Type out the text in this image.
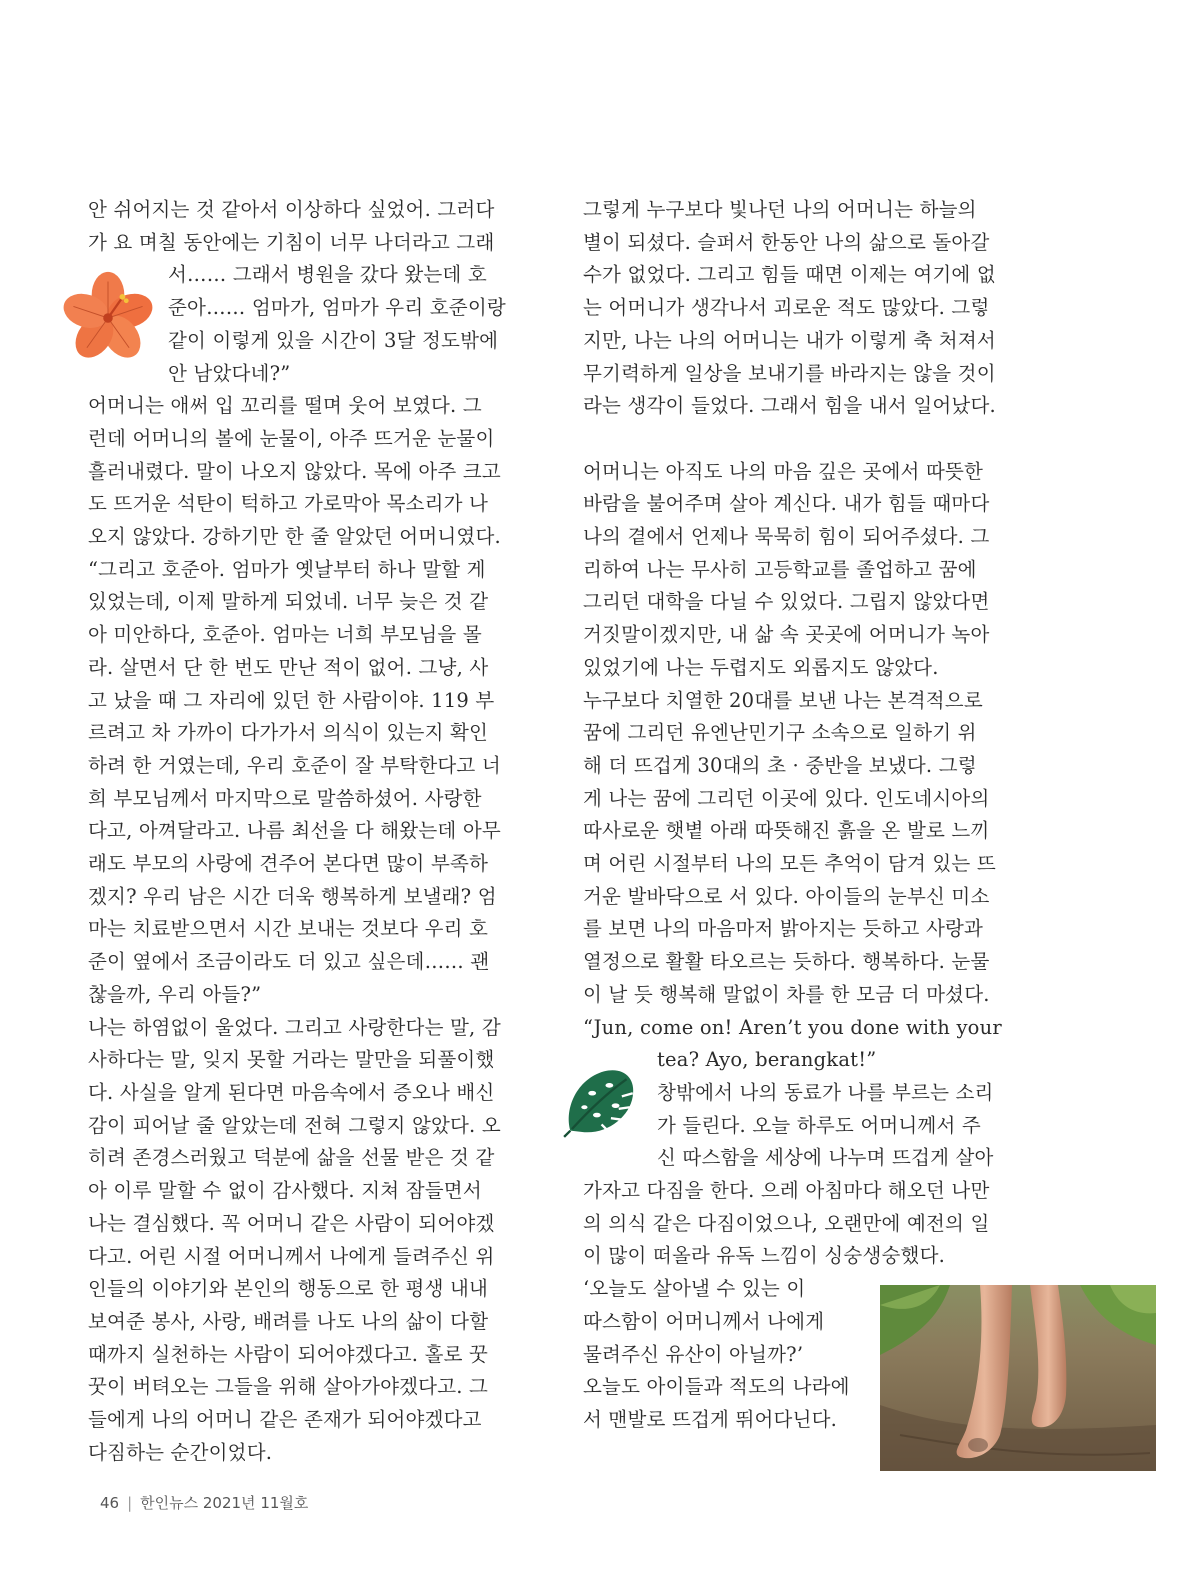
안 쉬어지는 것 같아서 이상하다 싶었어. 그러다
가 요 며칠 동안에는 기침이 너무 나더라고 그래
서…… 그래서 병원을 갔다 왔는데 호
준아…… 엄마가, 엄마가 우리 호준이랑
같이 이렇게 있을 시간이 3달 정도밖에
안 남았다네?”
어머니는 애써 입 꼬리를 떨며 웃어 보였다. 그
런데 어머니의 볼에 눈물이, 아주 뜨거운 눈물이
흘러내렸다. 말이 나오지 않았다. 목에 아주 크고
도 뜨거운 석탄이 턱하고 가로막아 목소리가 나
오지 않았다. 강하기만 한 줄 알았던 어머니였다.
“그리고 호준아. 엄마가 옛날부터 하나 말할 게
있었는데, 이제 말하게 되었네. 너무 늦은 것 같
아 미안하다, 호준아. 엄마는 너희 부모님을 몰
라. 살면서 단 한 번도 만난 적이 없어. 그냥, 사
고 났을 때 그 자리에 있던 한 사람이야. 119 부
르려고 차 가까이 다가가서 의식이 있는지 확인
하려 한 거였는데, 우리 호준이 잘 부탁한다고 너
희 부모님께서 마지막으로 말씀하셨어. 사랑한
다고, 아껴달라고. 나름 최선을 다 해왔는데 아무
래도 부모의 사랑에 견주어 본다면 많이 부족하
겠지? 우리 남은 시간 더욱 행복하게 보낼래? 엄
마는 치료받으면서 시간 보내는 것보다 우리 호
준이 옆에서 조금이라도 더 있고 싶은데…… 괜
찮을까, 우리 아들?”
나는 하염없이 울었다. 그리고 사랑한다는 말, 감
사하다는 말, 잊지 못할 거라는 말만을 되풀이했
다. 사실을 알게 된다면 마음속에서 증오나 배신
감이 피어날 줄 알았는데 전혀 그렇지 않았다. 오
히려 존경스러웠고 덕분에 삶을 선물 받은 것 같
아 이루 말할 수 없이 감사했다. 지쳐 잠들면서
나는 결심했다. 꼭 어머니 같은 사람이 되어야겠
다고. 어린 시절 어머니께서 나에게 들려주신 위
인들의 이야기와 본인의 행동으로 한 평생 내내
보여준 봉사, 사랑, 배려를 나도 나의 삶이 다할
때까지 실천하는 사람이 되어야겠다고. 홀로 꿋
꿋이 버텨오는 그들을 위해 살아가야겠다고. 그
들에게 나의 어머니 같은 존재가 되어야겠다고
다짐하는 순간이었다.
그렇게 누구보다 빛나던 나의 어머니는 하늘의
별이 되셨다. 슬퍼서 한동안 나의 삶으로 돌아갈
수가 없었다. 그리고 힘들 때면 이제는 여기에 없
는 어머니가 생각나서 괴로운 적도 많았다. 그렇
지만, 나는 나의 어머니는 내가 이렇게 축 처져서
무기력하게 일상을 보내기를 바라지는 않을 것이
라는 생각이 들었다. 그래서 힘을 내서 일어났다.
어머니는 아직도 나의 마음 깊은 곳에서 따뜻한
바람을 불어주며 살아 계신다. 내가 힘들 때마다
나의 곁에서 언제나 묵묵히 힘이 되어주셨다. 그
리하여 나는 무사히 고등학교를 졸업하고 꿈에
그리던 대학을 다닐 수 있었다. 그립지 않았다면
거짓말이겠지만, 내 삶 속 곳곳에 어머니가 녹아
있었기에 나는 두렵지도 외롭지도 않았다.
누구보다 치열한 20대를 보낸 나는 본격적으로
꿈에 그리던 유엔난민기구 소속으로 일하기 위
해 더 뜨겁게 30대의 초 · 중반을 보냈다. 그렇
게 나는 꿈에 그리던 이곳에 있다. 인도네시아의
따사로운 햇볕 아래 따뜻해진 흙을 온 발로 느끼
며 어린 시절부터 나의 모든 추억이 담겨 있는 뜨
거운 발바닥으로 서 있다. 아이들의 눈부신 미소
를 보면 나의 마음마저 밝아지는 듯하고 사랑과
열정으로 활활 타오르는 듯하다. 행복하다. 눈물
이 날 듯 행복해 말없이 차를 한 모금 더 마셨다.
“Jun, come on! Aren’t you done with your
tea? Ayo, berangkat!”
창밖에서 나의 동료가 나를 부르는 소리
가 들린다. 오늘 하루도 어머니께서 주
신 따스함을 세상에 나누며 뜨겁게 살아
가자고 다짐을 한다. 으레 아침마다 해오던 나만
의 의식 같은 다짐이었으나, 오랜만에 예전의 일
이 많이 떠올라 유독 느낌이 싱숭생숭했다.
‘오늘도 살아낼 수 있는 이
따스함이 어머니께서 나에게
물려주신 유산이 아닐까?’
오늘도 아이들과 적도의 나라에
서 맨발로 뜨겁게 뛰어다닌다.
46 | 한인뉴스 2021년 11월호
